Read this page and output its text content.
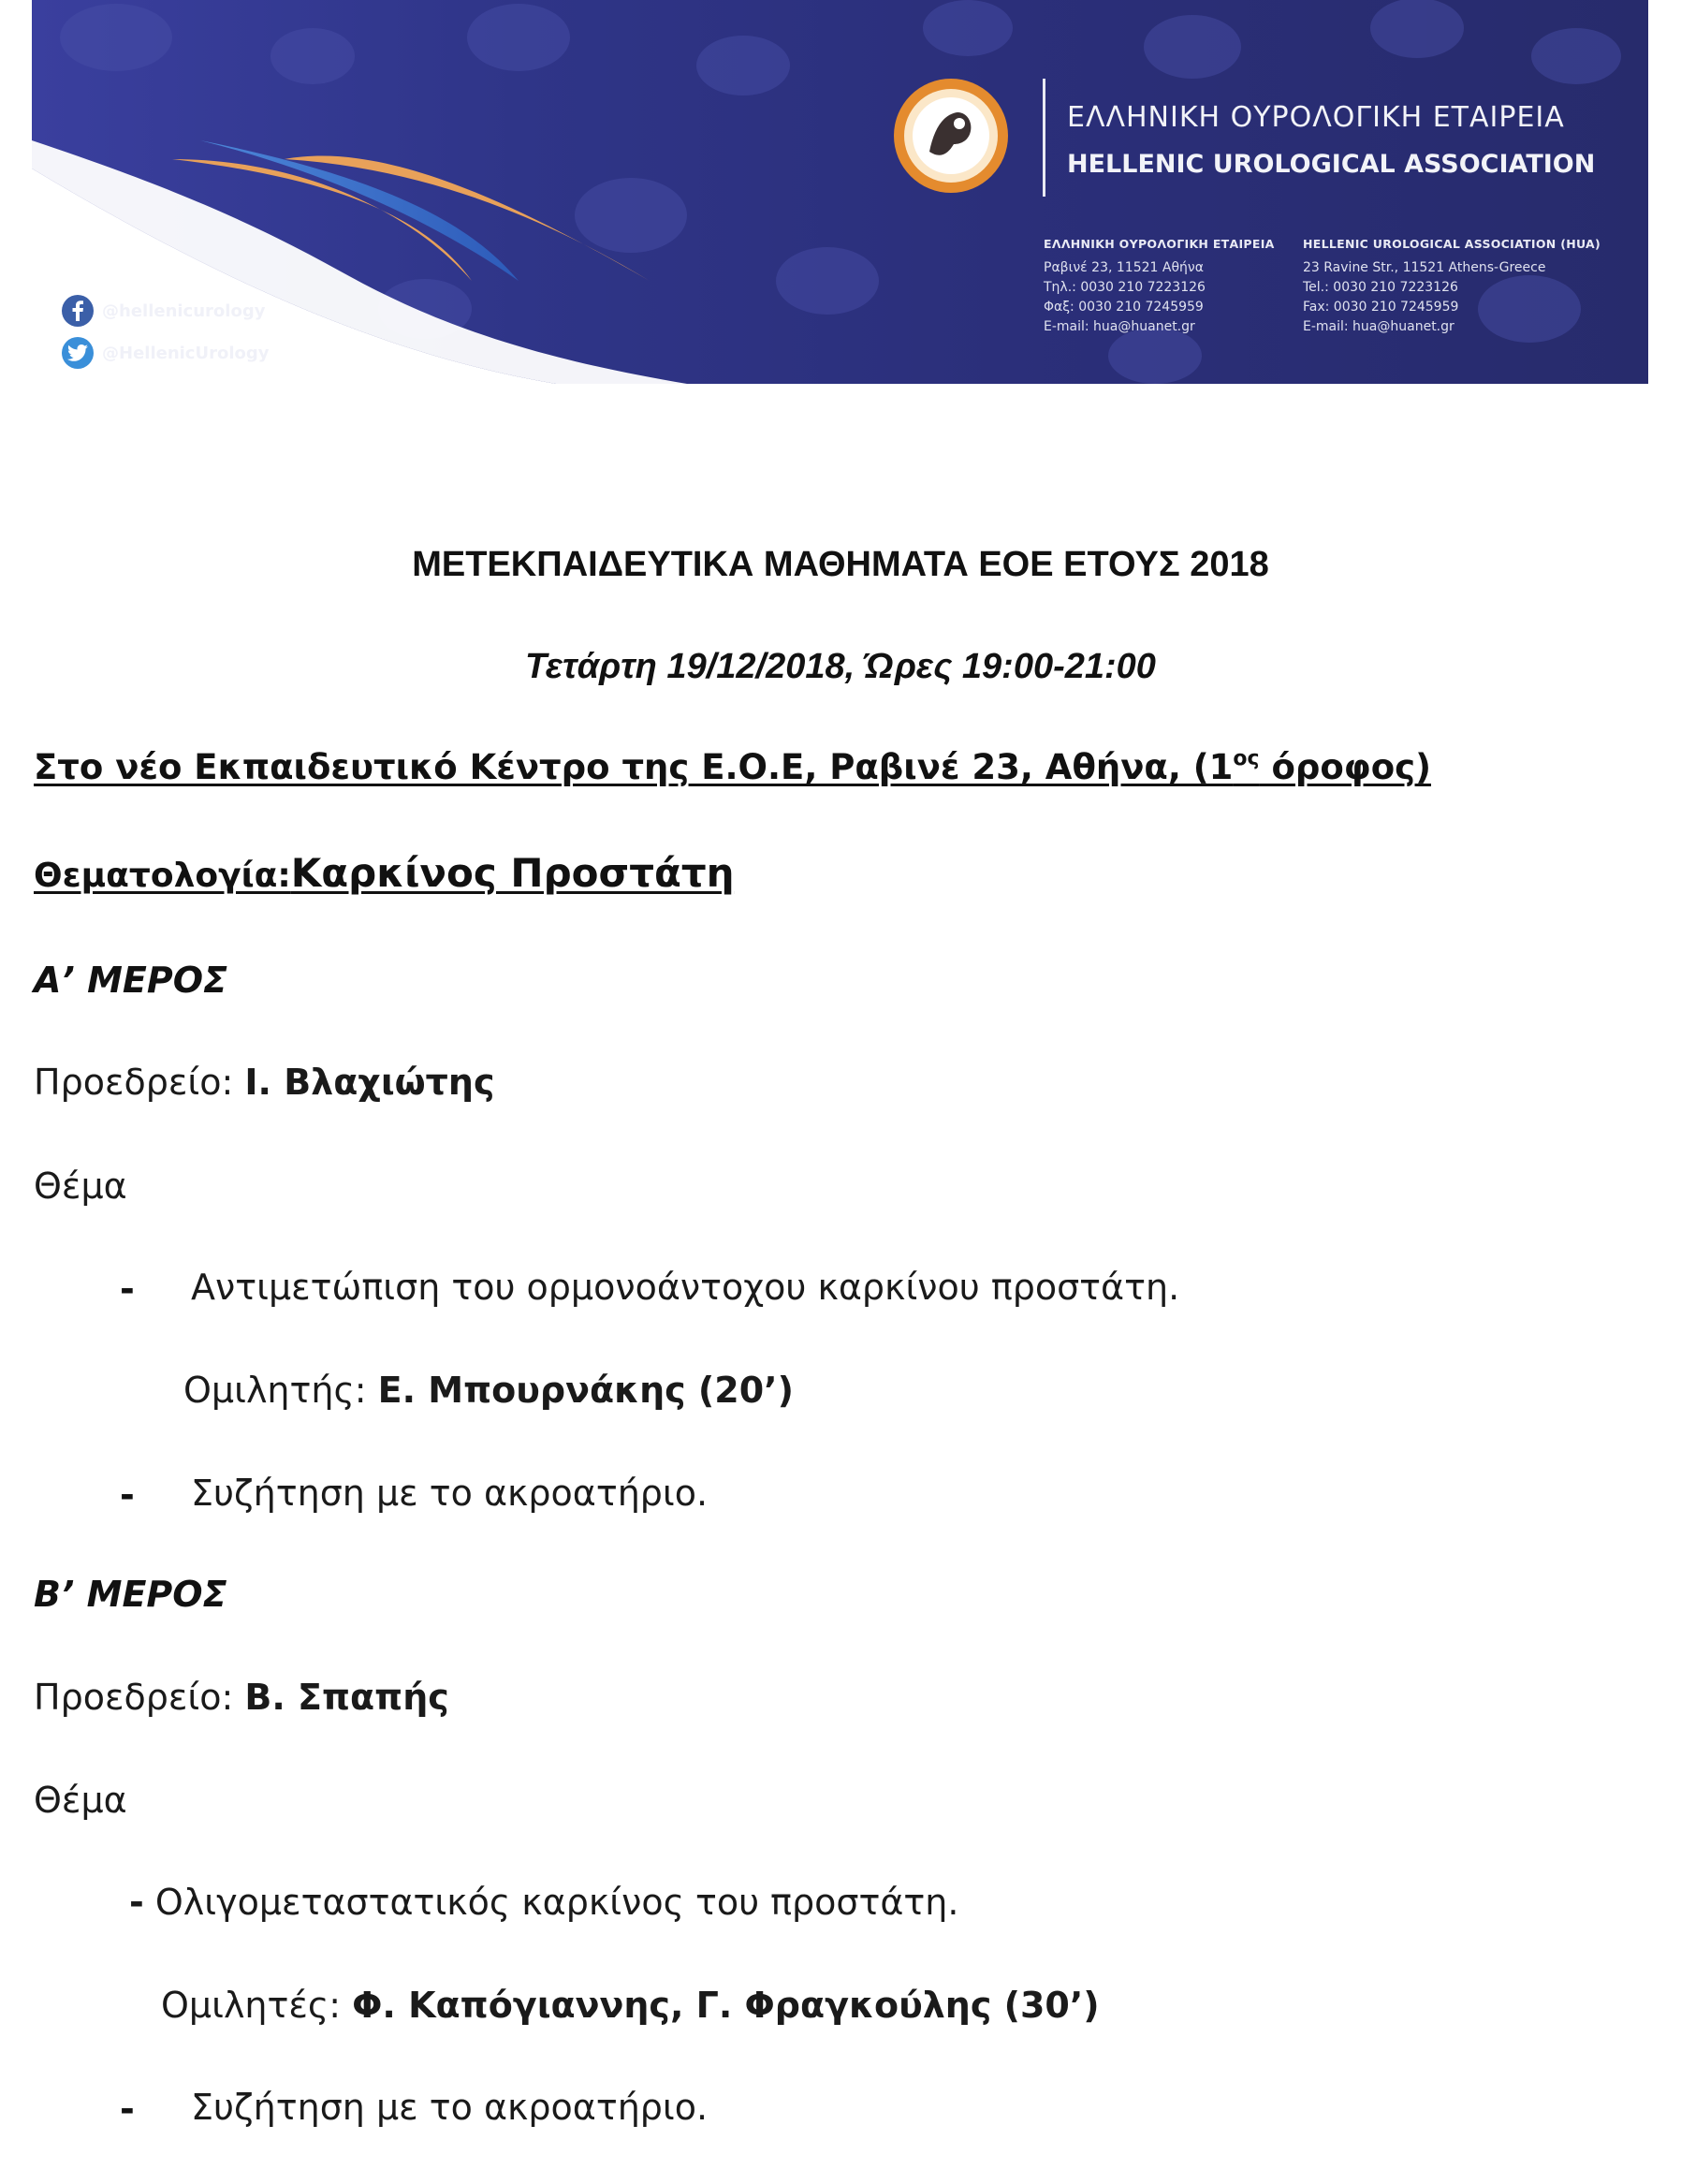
ΕΛΛΗΝΙΚΗ ΟΥΡΟΛΟΓΙΚΗ ΕΤΑΙΡΕΙΑ
HELLENIC UROLOGICAL ASSOCIATION
ΕΛΛΗΝΙΚΗ ΟΥΡΟΛΟΓΙΚΗ ΕΤΑΙΡΕΙΑ
Ραβινέ 23, 11521 Αθήνα
Τηλ.: 0030 210 7223126
Φαξ: 0030 210 7245959
E-mail: hua@huanet.gr
HELLENIC UROLOGICAL ASSOCIATION (HUA)
23 Ravine Str., 11521 Athens-Greece
Tel.: 0030 210 7223126
Fax: 0030 210 7245959
E-mail: hua@huanet.gr
@hellenicurology
@HellenicUrology
ΜΕΤΕΚΠΑΙΔΕΥΤΙΚΑ ΜΑΘΗΜΑΤΑ ΕΟΕ ΕΤΟΥΣ 2018
Τετάρτη 19/12/2018, Ώρες 19:00-21:00
Στο νέο Εκπαιδευτικό Κέντρο της Ε.Ο.Ε, Ραβινέ 23, Αθήνα, ($1^{o\varsigma}$ όροφος)
Θεματολογία:Καρκίνος Προστάτη
Α’ ΜΕΡΟΣ
Προεδρείο: Ι. Βλαχιώτης
Θέμα
- Αντιμετώπιση του ορμονοάντοχου καρκίνου προστάτη.
Ομιλητής: Ε. Μπουρνάκης (20’)
- Συζήτηση με το ακροατήριο.
Β’ ΜΕΡΟΣ
Προεδρείο: Β. Σπαπής
Θέμα
- Ολιγομεταστατικός καρκίνος του προστάτη.
Ομιλητές: Φ. Καπόγιαννης, Γ. Φραγκούλης (30’)
- Συζήτηση με το ακροατήριο.
